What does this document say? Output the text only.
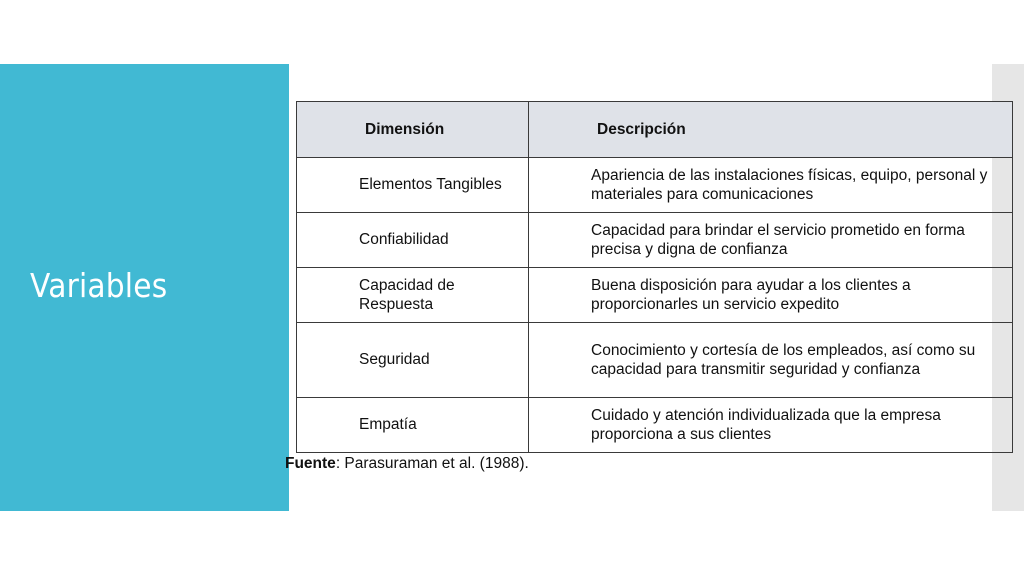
Variables
Dimensión	Descripción
Elementos Tangibles	Apariencia de las instalaciones físicas, equipo, personal y materiales para comunicaciones
Confiabilidad	Capacidad para brindar el servicio prometido en forma precisa y digna de confianza
Capacidad de Respuesta	Buena disposición para ayudar a los clientes a proporcionarles un servicio expedito
Seguridad	Conocimiento y cortesía de los empleados, así como su capacidad para transmitir seguridad y confianza
Empatía	Cuidado y atención individualizada que la empresa proporciona a sus clientes
Fuente: Parasuraman et al. (1988).
